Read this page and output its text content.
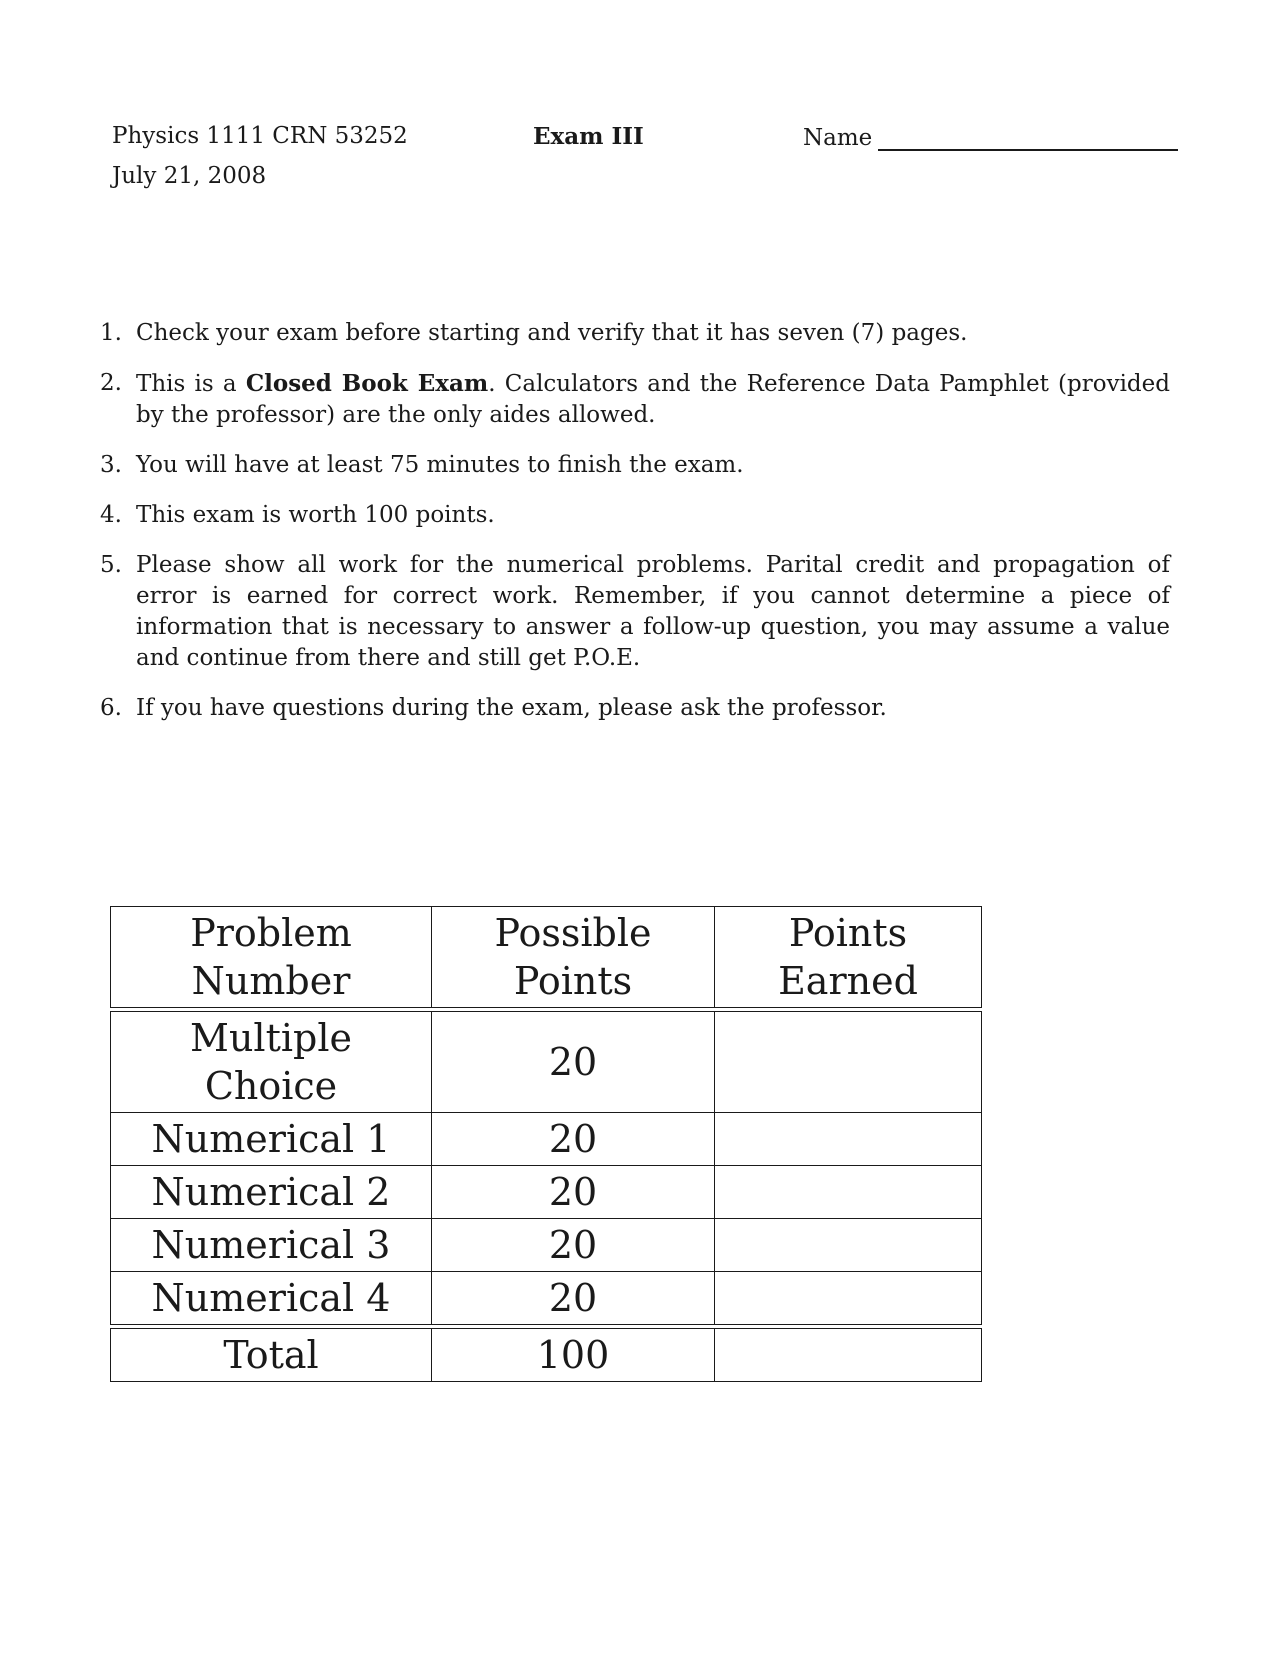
Physics 1111 CRN 53252
July 21, 2008
Exam III	Name
1. Check your exam before starting and verify that it has seven (7) pages.
2. This is a Closed Book Exam. Calculators and the Reference Data Pamphlet (provided by the professor) are the only aides allowed.
3. You will have at least 75 minutes to finish the exam.
4. This exam is worth 100 points.
5. Please show all work for the numerical problems. Parital credit and propagation of error is earned for correct work. Remember, if you cannot determine a piece of information that is necessary to answer a follow-up question, you may assume a value and continue from there and still get P.O.E.
6. If you have questions during the exam, please ask the professor.
Problem Number	Possible Points	Points Earned

Multiple Choice	20	
Numerical 1	20	
Numerical 2	20	
Numerical 3	20	
Numerical 4	20	

Total	100	
